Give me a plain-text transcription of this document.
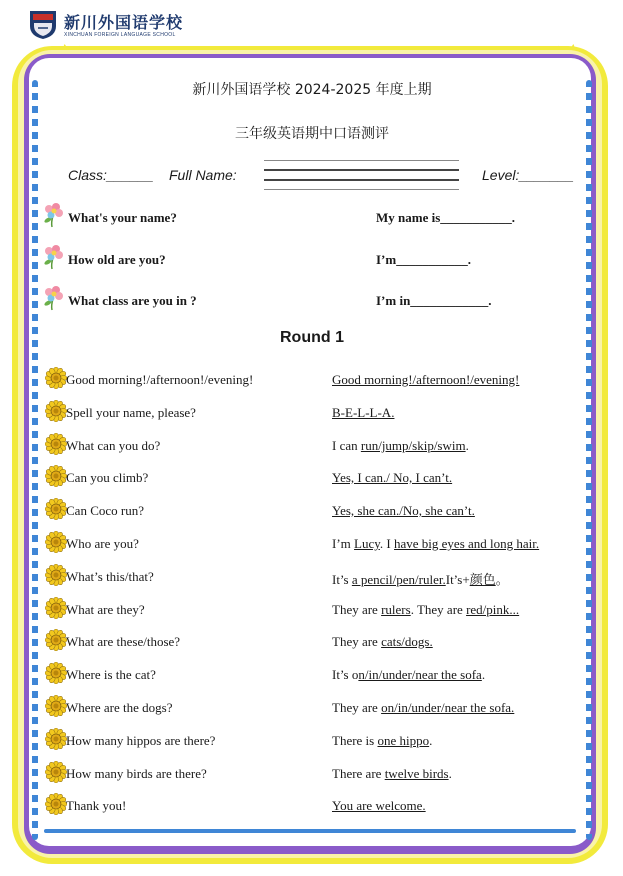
新川外国语学校
XINCHUAN FOREIGN LANGUAGE SCHOOL
新川外国语学校 2024-2025 年度上期
三年级英语期中口语测评
Class:______ Full Name:	Level:_______
What's your name?	My name is___________.
How old are you?	I’m___________.
What class are you in ?	I’m in____________.
Round 1
Good morning!/afternoon!/evening!	Good morning!/afternoon!/evening!
Spell your name, please?	B-E-L-L-A.
What can you do?	I can run/jump/skip/swim.
Can you climb?	Yes, I can./ No, I can’t.
Can Coco run?	Yes, she can./No, she can’t.
Who are you?	I’m Lucy. I have big eyes and long hair.
What’s this/that?	It’s a pencil/pen/ruler.It’s+颜色。
What are they?	They are rulers. They are red/pink...
What are these/those?	They are cats/dogs.
Where is the cat?	It’s on/in/under/near the sofa.
Where are the dogs?	They are on/in/under/near the sofa.
How many hippos are there?	There is one hippo.
How many birds are there?	There are twelve birds.
Thank you!	You are welcome.
